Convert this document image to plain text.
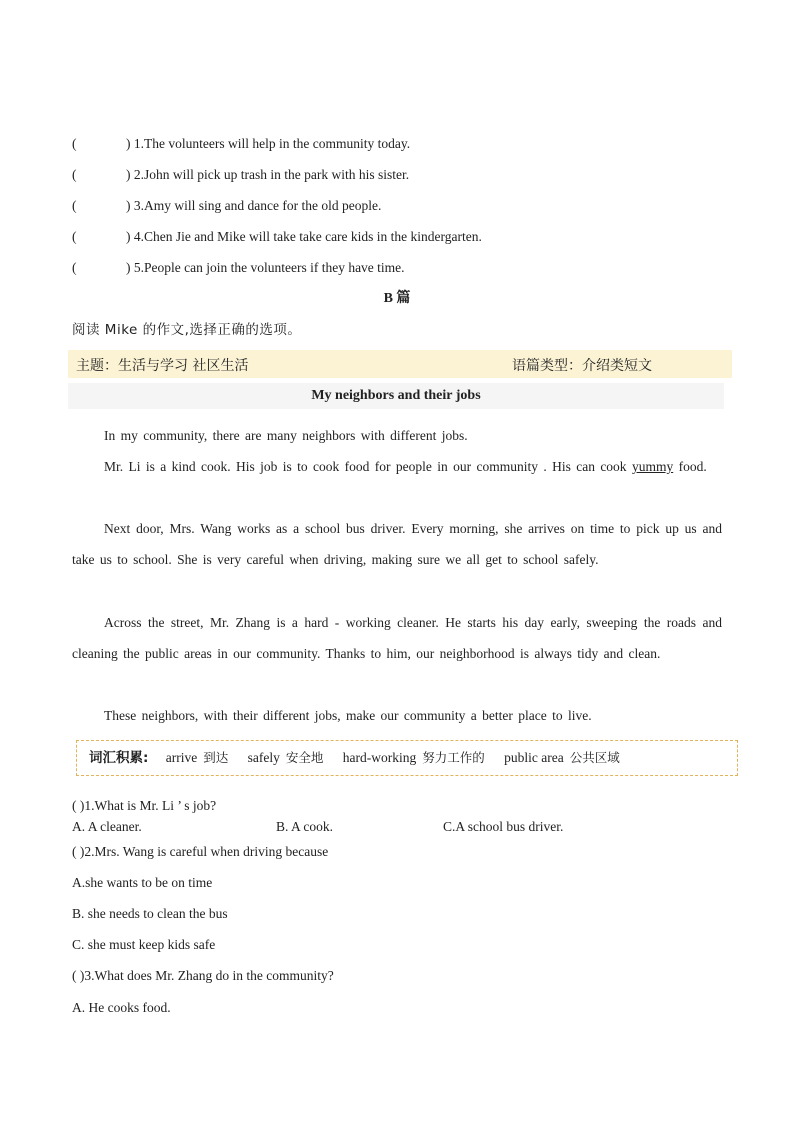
(	) 1.The volunteers will help in the community today.
(	) 2.John will pick up trash in the park with his sister.
(	) 3.Amy will sing and dance for the old people.
(	) 4.Chen Jie and Mike will take take care kids in the kindergarten.
(	) 5.People can join the volunteers if they have time.
B 篇
阅读 Mike 的作文,选择正确的选项。
主题：生活与学习 社区生活	语篇类型：介绍类短文
My neighbors and their jobs
In my community, there are many neighbors with different jobs.
Mr. Li is a kind cook. His job is to cook food for people in our community . His can cook yummy food.
Next door, Mrs. Wang works as a school bus driver. Every morning, she arrives on time to pick up us and take us to school. She is very careful when driving, making sure we all get to school safely.
Across the street, Mr. Zhang is a hard - working cleaner. He starts his day early, sweeping the roads and cleaning the public areas in our community. Thanks to him, our neighborhood is always tidy and clean.
These neighbors, with their different jobs, make our community a better place to live.
词汇积累: arrive 到达 safely 安全地 hard-working 努力工作的 public area 公共区域
( )1.What is Mr. Li ’ s job?
A. A cleaner.	B. A cook.	C.A school bus driver.
( )2.Mrs. Wang is careful when driving because
A.she wants to be on time
B. she needs to clean the bus
C. she must keep kids safe
( )3.What does Mr. Zhang do in the community?
A. He cooks food.
